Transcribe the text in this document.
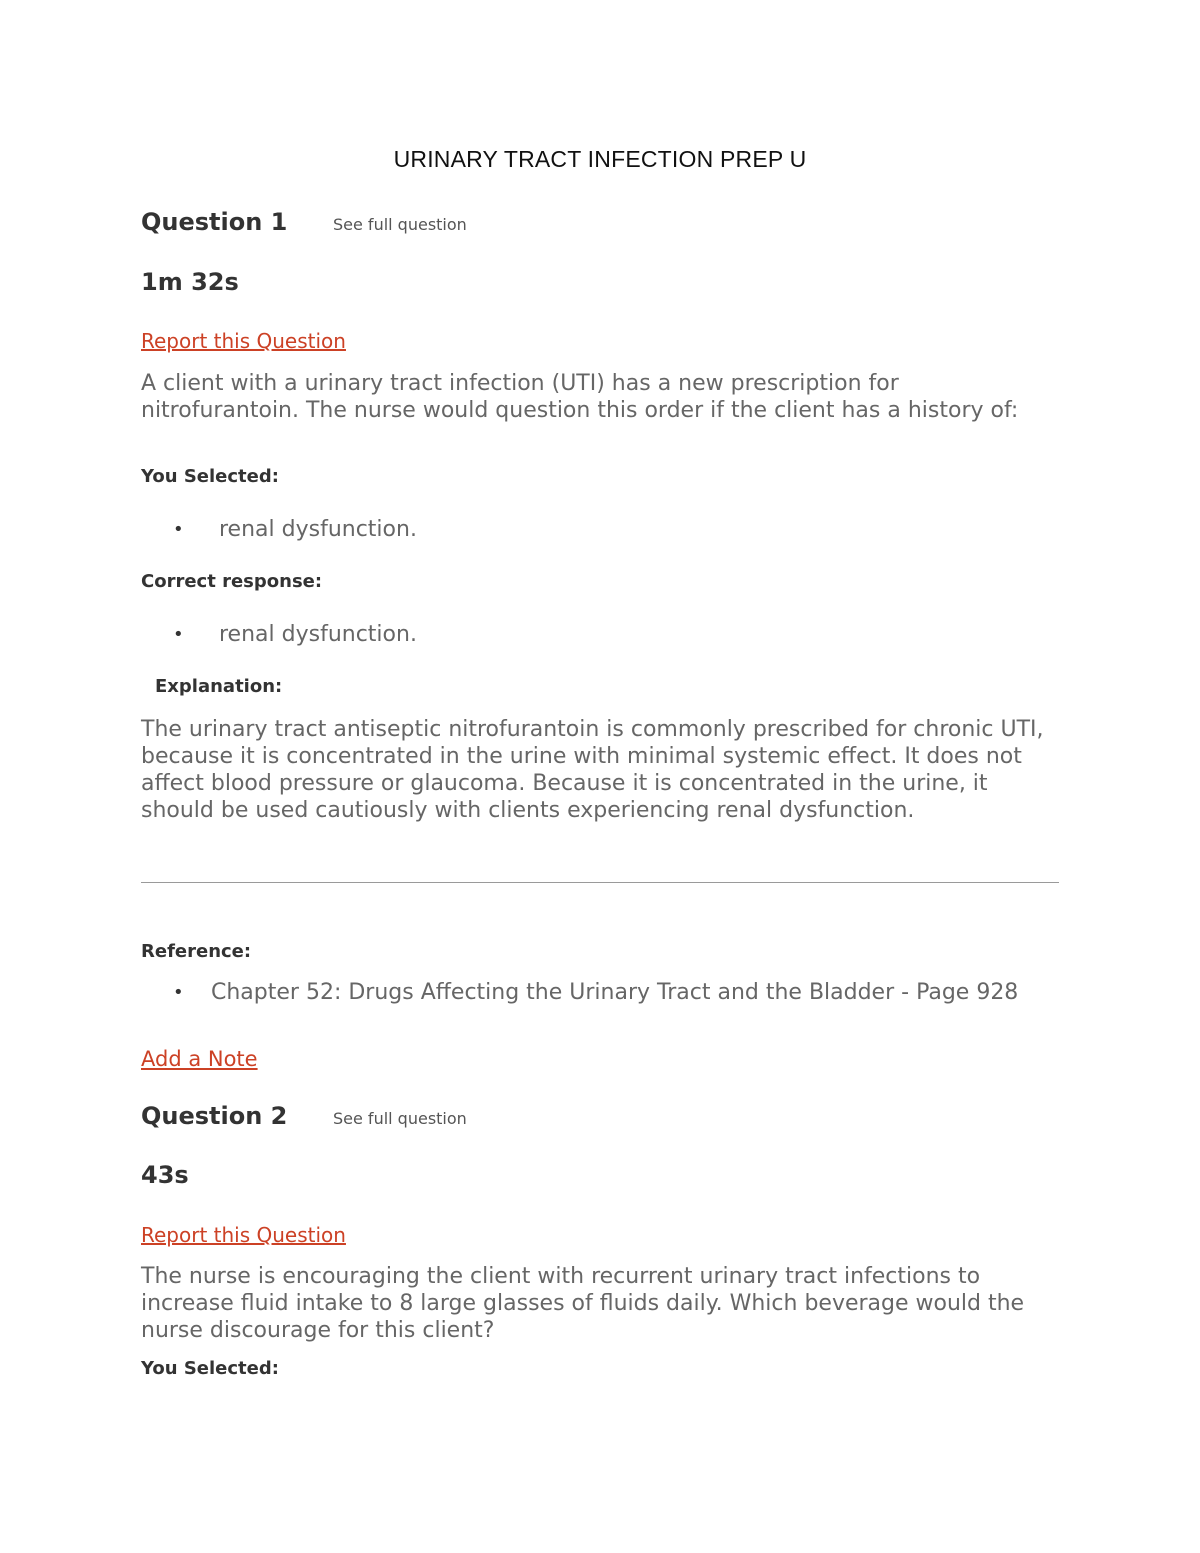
URINARY TRACT INFECTION PREP U
Question 1	See full question
1m 32s
Report this Question
A client with a urinary tract infection (UTI) has a new prescription for nitrofurantoin. The nurse would question this order if the client has a history of:
You Selected:
•	renal dysfunction.
Correct response:
•	renal dysfunction.
Explanation:
The urinary tract antiseptic nitrofurantoin is commonly prescribed for chronic UTI, because it is concentrated in the urine with minimal systemic effect. It does not affect blood pressure or glaucoma. Because it is concentrated in the urine, it should be used cautiously with clients experiencing renal dysfunction.
Reference:
•	Chapter 52: Drugs Affecting the Urinary Tract and the Bladder - Page 928
Add a Note
Question 2	See full question
43s
Report this Question
The nurse is encouraging the client with recurrent urinary tract infections to increase fluid intake to 8 large glasses of fluids daily. Which beverage would the nurse discourage for this client?
You Selected:
